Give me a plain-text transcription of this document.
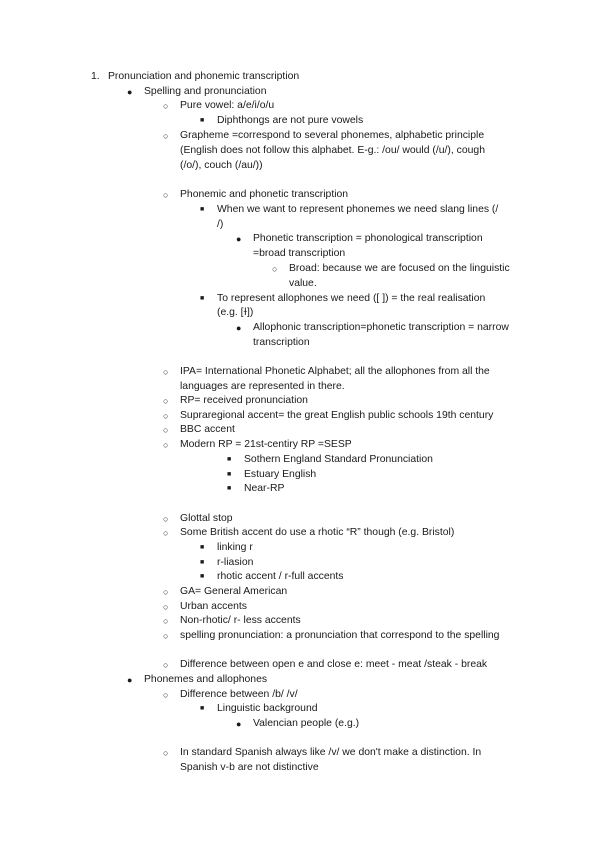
1. Pronunciation and phonemic transcription
● Spelling and pronunciation
○ Pure vowel: a/e/i/o/u
■ Diphthongs are not pure vowels
○ Grapheme =correspond to several phonemes, alphabetic principle
(English does not follow this alphabet. E-g.: /ou/ would (/u/), cough
(/o/), couch (/au/))
○ Phonemic and phonetic transcription
■ When we want to represent phonemes we need slang lines (/
/)
● Phonetic transcription = phonological transcription
=broad transcription
○ Broad: because we are focused on the linguistic
value.
■ To represent allophones we need ([ ]) = the real realisation
(e.g. [ɫ])
● Allophonic transcription=phonetic transcription = narrow
transcription
○ IPA= International Phonetic Alphabet; all the allophones from all the
languages are represented in there.
○ RP= received pronunciation
○ Supraregional accent= the great English public schools 19th century
○ BBC accent
○ Modern RP = 21st-centiry RP =SESP
■ Sothern England Standard Pronunciation
■ Estuary English
■ Near-RP
○ Glottal stop
○ Some British accent do use a rhotic “R” though (e.g. Bristol)
■ linking r
■ r-liasion
■ rhotic accent / r-full accents
○ GA= General American
○ Urban accents
○ Non-rhotic/ r- less accents
○ spelling pronunciation: a pronunciation that correspond to the spelling
○ Difference between open e and close e: meet - meat /steak - break
● Phonemes and allophones
○ Difference between /b/ /v/
■ Linguistic background
● Valencian people (e.g.)
○ In standard Spanish always like /v/ we don't make a distinction. In
Spanish v-b are not distinctive
